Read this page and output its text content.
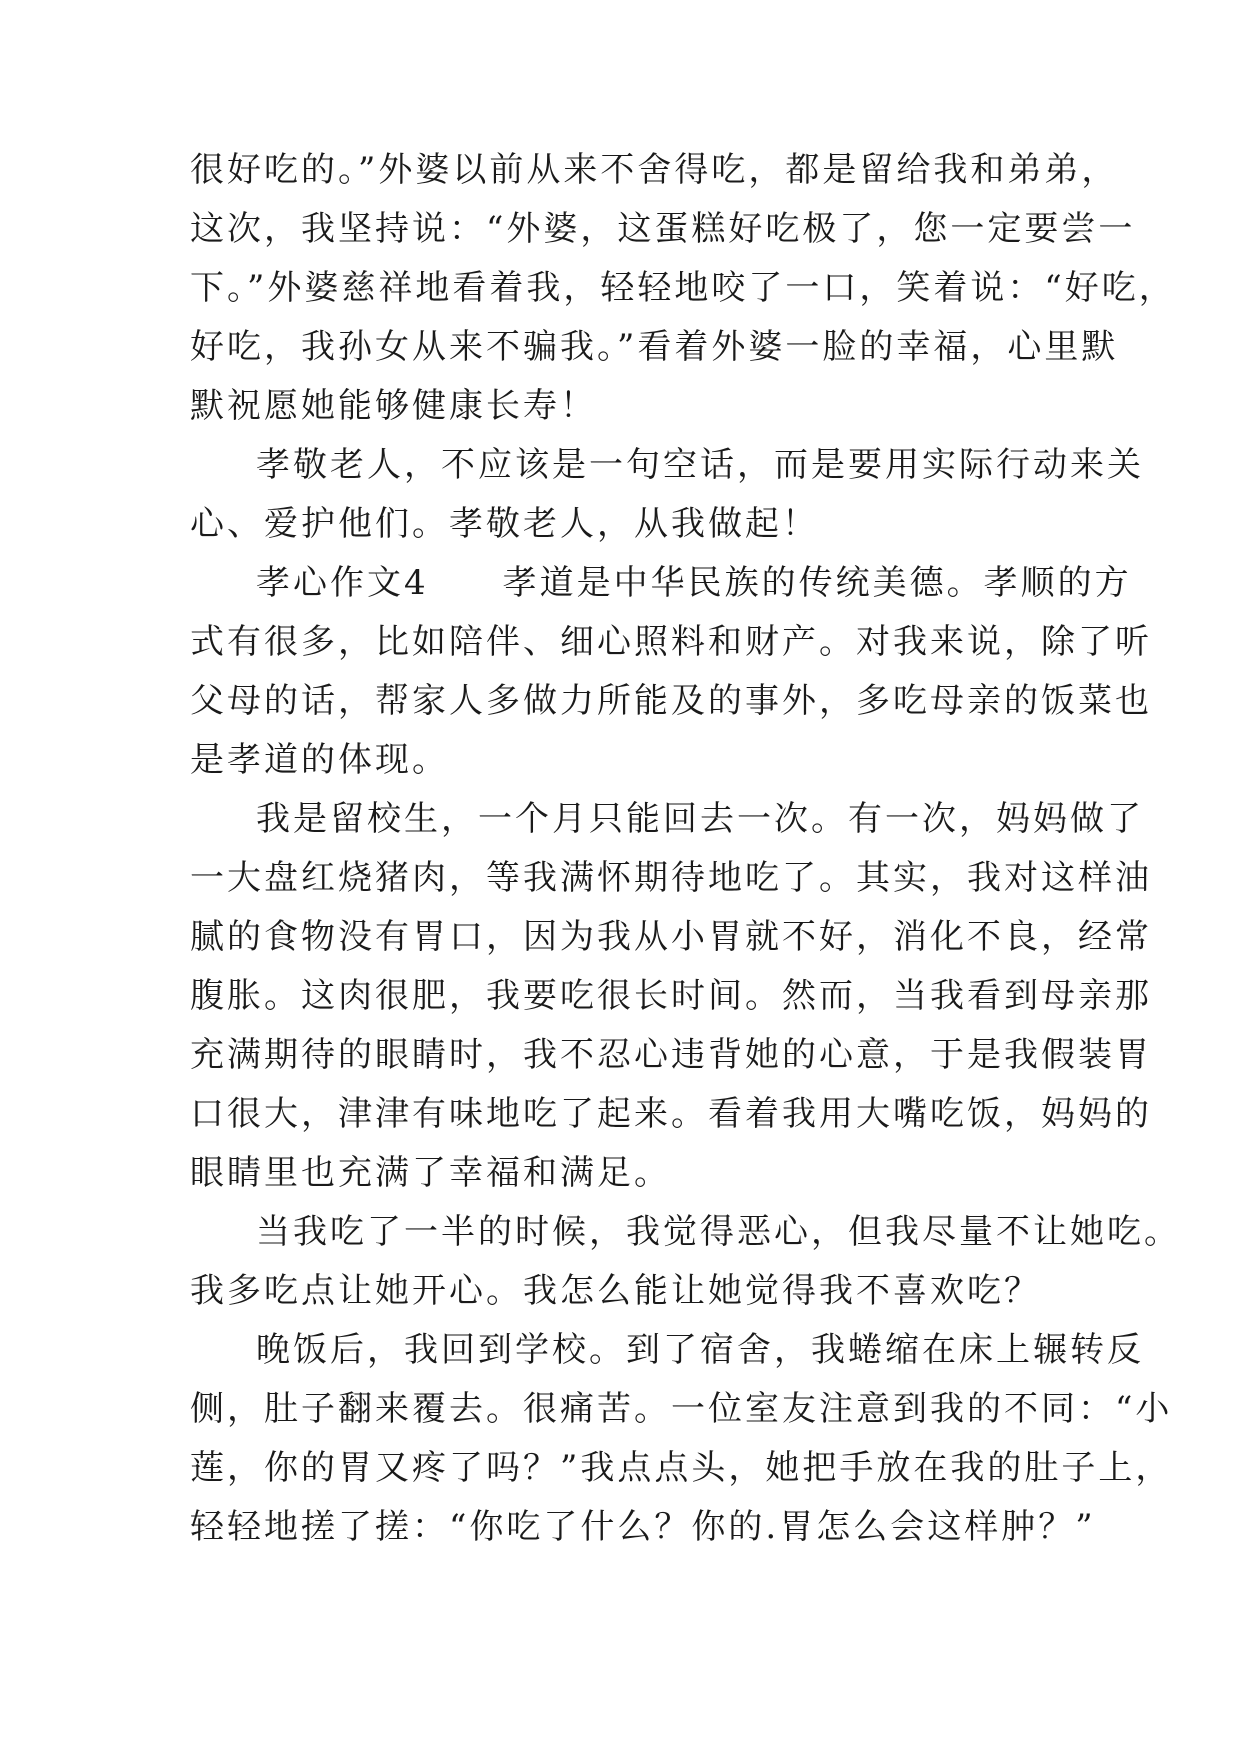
很好吃的。”外婆以前从来不舍得吃，都是留给我和弟弟，
这次，我坚持说：“外婆，这蛋糕好吃极了，您一定要尝一
下。”外婆慈祥地看着我，轻轻地咬了一口，笑着说：“好吃，
好吃，我孙女从来不骗我。”看着外婆一脸的幸福，心里默
默祝愿她能够健康长寿！
孝敬老人，不应该是一句空话，而是要用实际行动来关
心、爱护他们。孝敬老人，从我做起！
孝心作文4　　孝道是中华民族的传统美德。孝顺的方
式有很多，比如陪伴、细心照料和财产。对我来说，除了听
父母的话，帮家人多做力所能及的事外，多吃母亲的饭菜也
是孝道的体现。
我是留校生，一个月只能回去一次。有一次，妈妈做了
一大盘红烧猪肉，等我满怀期待地吃了。其实，我对这样油
腻的食物没有胃口，因为我从小胃就不好，消化不良，经常
腹胀。这肉很肥，我要吃很长时间。然而，当我看到母亲那
充满期待的眼睛时，我不忍心违背她的心意，于是我假装胃
口很大，津津有味地吃了起来。看着我用大嘴吃饭，妈妈的
眼睛里也充满了幸福和满足。
当我吃了一半的时候，我觉得恶心，但我尽量不让她吃。
我多吃点让她开心。我怎么能让她觉得我不喜欢吃？
晚饭后，我回到学校。到了宿舍，我蜷缩在床上辗转反
侧，肚子翻来覆去。很痛苦。一位室友注意到我的不同：“小
莲，你的胃又疼了吗？”我点点头，她把手放在我的肚子上，
轻轻地搓了搓：“你吃了什么？你的.胃怎么会这样肿？”
